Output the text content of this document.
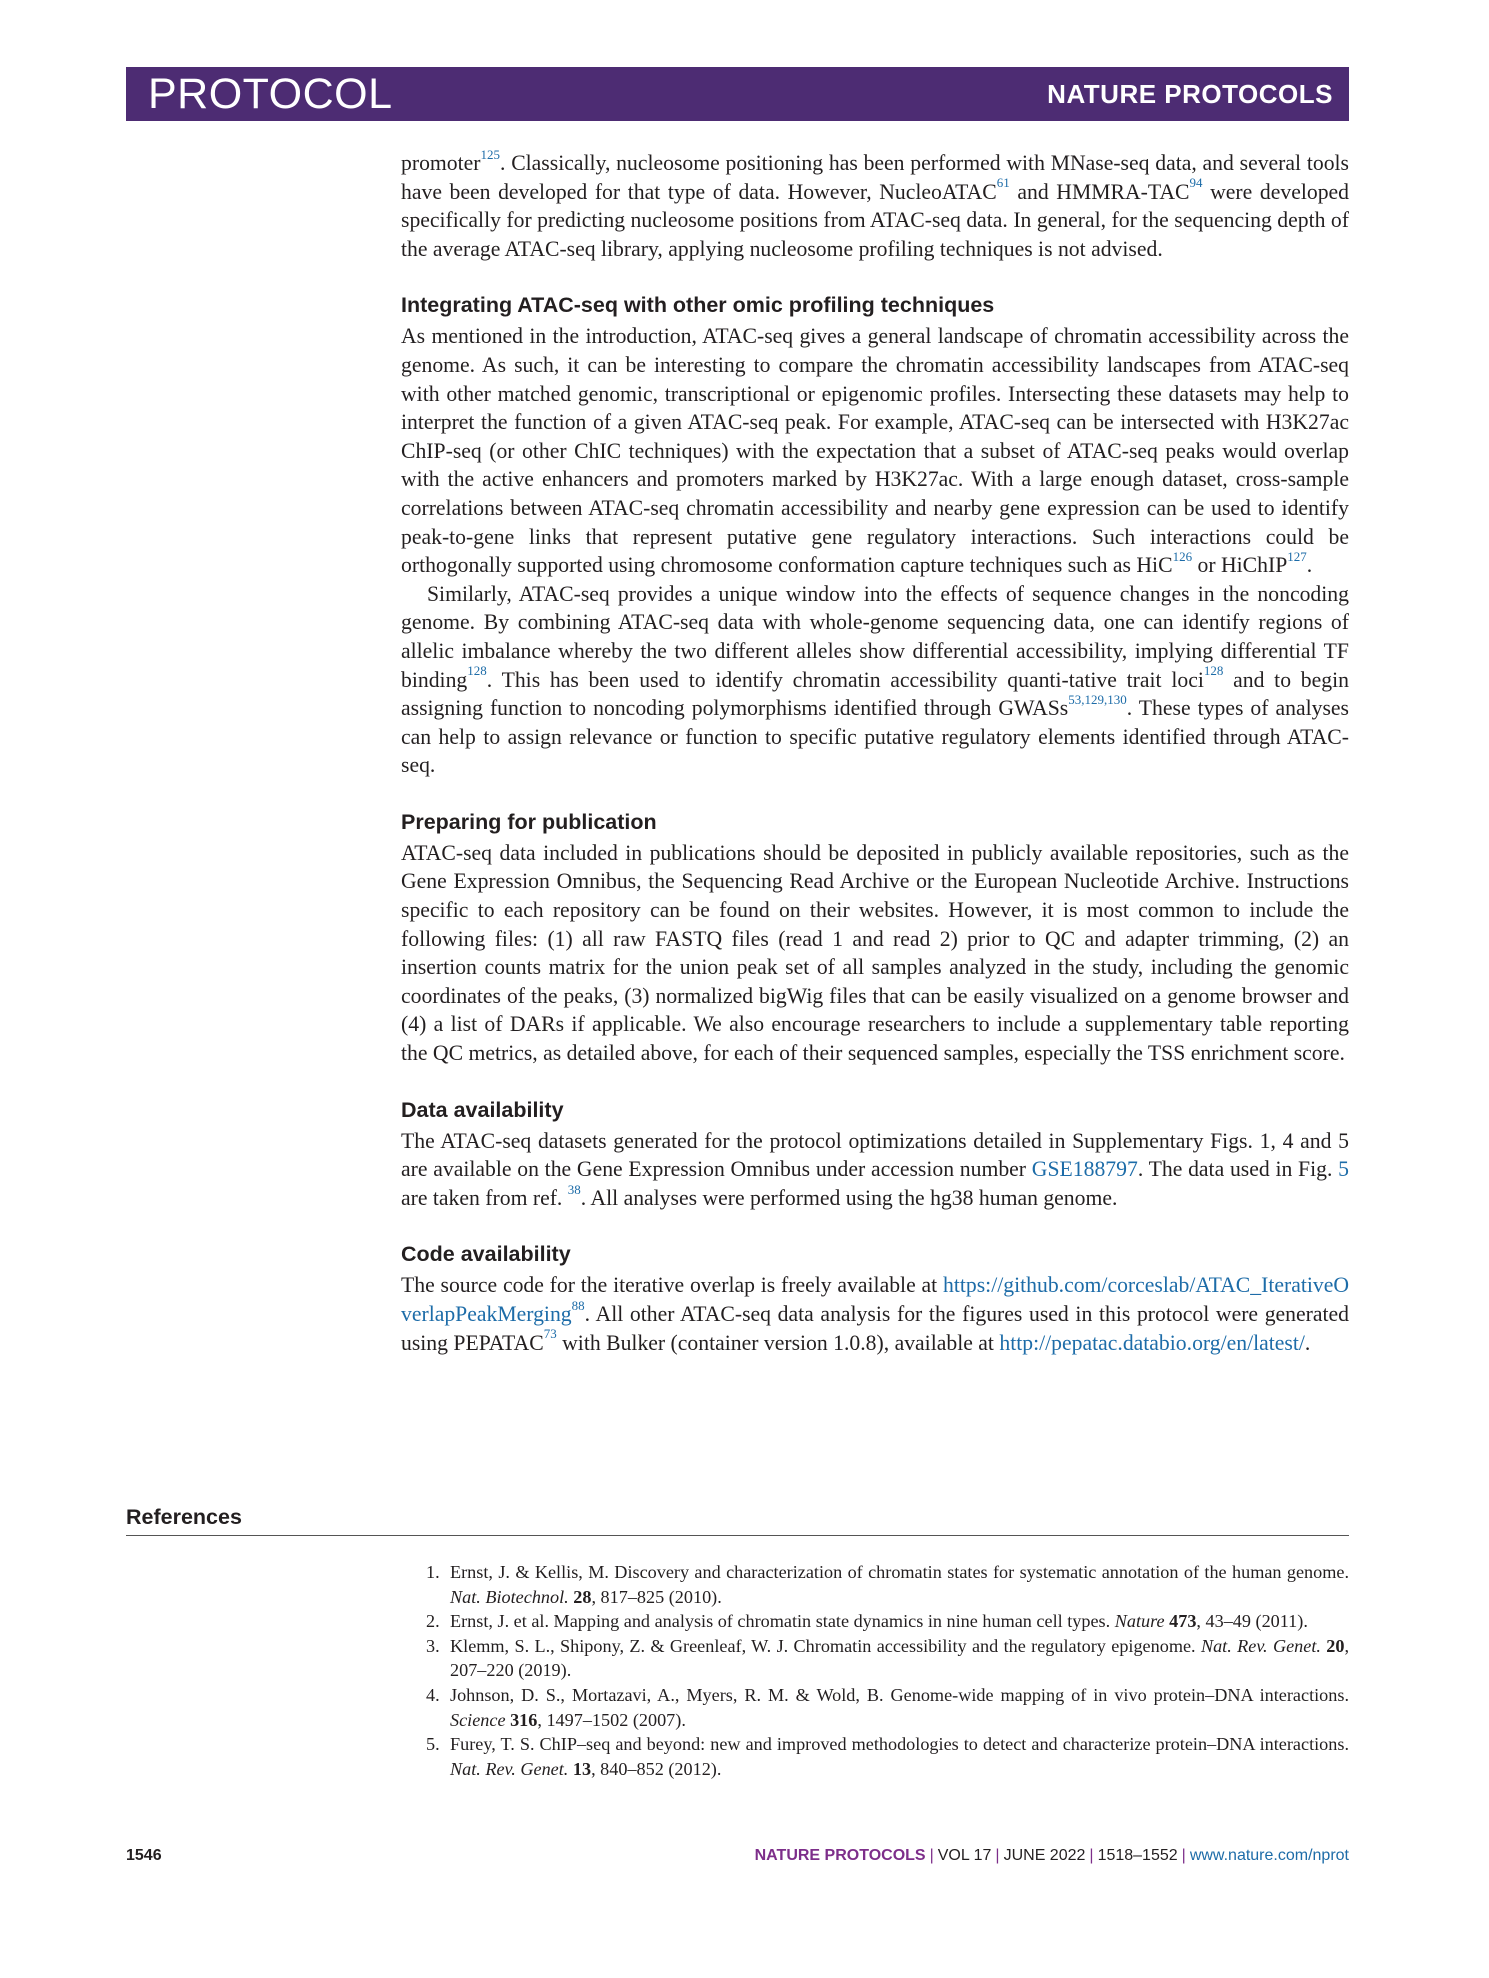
PROTOCOL	NATURE PROTOCOLS

promoter$^{125}$. Classically, nucleosome positioning has been performed with MNase-seq data, and several tools have been developed for that type of data. However, NucleoATAC$^{61}$ and HMMRA-TAC$^{94}$ were developed specifically for predicting nucleosome positions from ATAC-seq data. In general, for the sequencing depth of the average ATAC-seq library, applying nucleosome profiling techniques is not advised.

Integrating ATAC-seq with other omic profiling techniques

As mentioned in the introduction, ATAC-seq gives a general landscape of chromatin accessibility across the genome. As such, it can be interesting to compare the chromatin accessibility landscapes from ATAC-seq with other matched genomic, transcriptional or epigenomic profiles. Intersecting these datasets may help to interpret the function of a given ATAC-seq peak. For example, ATAC-seq can be intersected with H3K27ac ChIP-seq (or other ChIC techniques) with the expectation that a subset of ATAC-seq peaks would overlap with the active enhancers and promoters marked by H3K27ac. With a large enough dataset, cross-sample correlations between ATAC-seq chromatin accessibility and nearby gene expression can be used to identify peak-to-gene links that represent putative gene regulatory interactions. Such interactions could be orthogonally supported using chromosome conformation capture techniques such as HiC$^{126}$ or HiChIP$^{127}$.

Similarly, ATAC-seq provides a unique window into the effects of sequence changes in the noncoding genome. By combining ATAC-seq data with whole-genome sequencing data, one can identify regions of allelic imbalance whereby the two different alleles show differential accessibility, implying differential TF binding$^{128}$. This has been used to identify chromatin accessibility quanti-tative trait loci$^{128}$ and to begin assigning function to noncoding polymorphisms identified through GWASs$^{53,129,130}$. These types of analyses can help to assign relevance or function to specific putative regulatory elements identified through ATAC-seq.

Preparing for publication

ATAC-seq data included in publications should be deposited in publicly available repositories, such as the Gene Expression Omnibus, the Sequencing Read Archive or the European Nucleotide Archive. Instructions specific to each repository can be found on their websites. However, it is most common to include the following files: (1) all raw FASTQ files (read 1 and read 2) prior to QC and adapter trimming, (2) an insertion counts matrix for the union peak set of all samples analyzed in the study, including the genomic coordinates of the peaks, (3) normalized bigWig files that can be easily visualized on a genome browser and (4) a list of DARs if applicable. We also encourage researchers to include a supplementary table reporting the QC metrics, as detailed above, for each of their sequenced samples, especially the TSS enrichment score.

Data availability

The ATAC-seq datasets generated for the protocol optimizations detailed in Supplementary Figs. 1, 4 and 5 are available on the Gene Expression Omnibus under accession number GSE188797. The data used in Fig. 5 are taken from ref. $^{38}$. All analyses were performed using the hg38 human genome.

Code availability

The source code for the iterative overlap is freely available at https://github.com/corceslab/ATAC_IterativeOverlapPeakMerging$^{88}$. All other ATAC-seq data analysis for the figures used in this protocol were generated using PEPATAC$^{73}$ with Bulker (container version 1.0.8), available at http://pepatac.databio.org/en/latest/.

References
1. Ernst, J. & Kellis, M. Discovery and characterization of chromatin states for systematic annotation of the human genome. Nat. Biotechnol. 28, 817–825 (2010).
2. Ernst, J. et al. Mapping and analysis of chromatin state dynamics in nine human cell types. Nature 473, 43–49 (2011).
3. Klemm, S. L., Shipony, Z. & Greenleaf, W. J. Chromatin accessibility and the regulatory epigenome. Nat. Rev. Genet. 20, 207–220 (2019).
4. Johnson, D. S., Mortazavi, A., Myers, R. M. & Wold, B. Genome-wide mapping of in vivo protein–DNA interactions. Science 316, 1497–1502 (2007).
5. Furey, T. S. ChIP–seq and beyond: new and improved methodologies to detect and characterize protein–DNA interactions. Nat. Rev. Genet. 13, 840–852 (2012).
1546	NATURE PROTOCOLS | VOL 17 | JUNE 2022 | 1518–1552 | www.nature.com/nprot
